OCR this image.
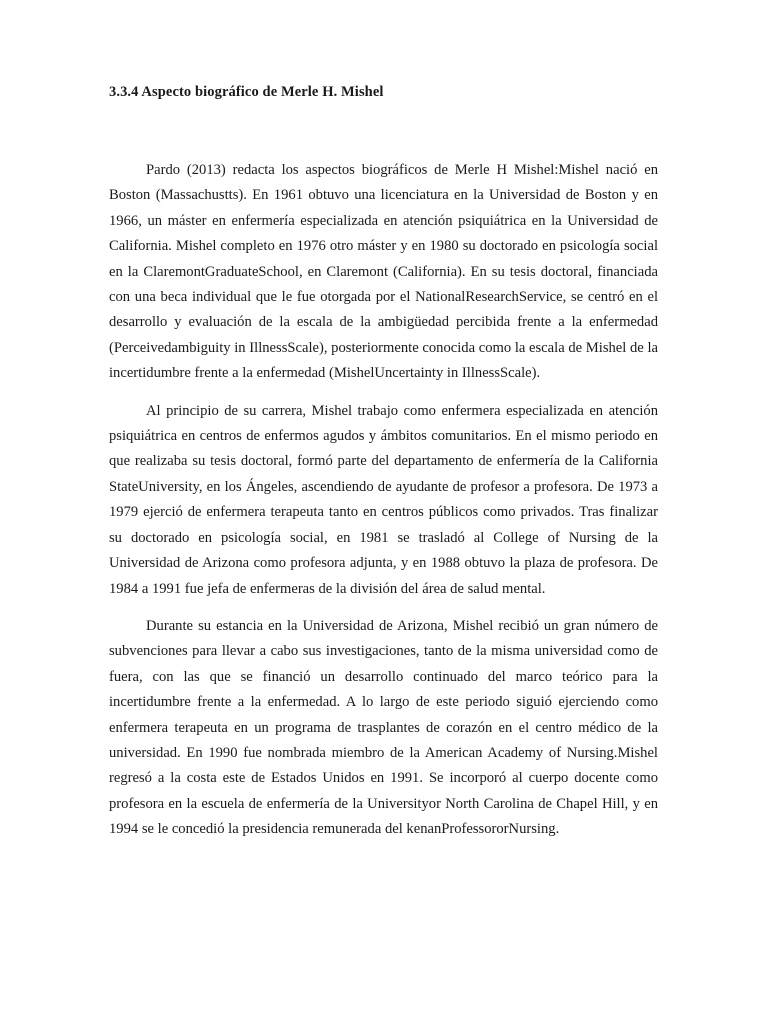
3.3.4 Aspecto biográfico de Merle H. Mishel

Pardo (2013) redacta los aspectos biográficos de Merle H Mishel:Mishel nació en Boston (Massachustts). En 1961 obtuvo una licenciatura en la Universidad de Boston y en 1966, un máster en enfermería especializada en atención psiquiátrica en la Universidad de California. Mishel completo en 1976 otro máster y en 1980 su doctorado en psicología social en la ClaremontGraduateSchool, en Claremont (California). En su tesis doctoral, financiada con una beca individual que le fue otorgada por el NationalResearchService, se centró en el desarrollo y evaluación de la escala de la ambigüedad percibida frente a la enfermedad (Perceivedambiguity in IllnessScale), posteriormente conocida como la escala de Mishel de la incertidumbre frente a la enfermedad (MishelUncertainty in IllnessScale).

Al principio de su carrera, Mishel trabajo como enfermera especializada en atención psiquiátrica en centros de enfermos agudos y ámbitos comunitarios. En el mismo periodo en que realizaba su tesis doctoral, formó parte del departamento de enfermería de la California StateUniversity, en los Ángeles, ascendiendo de ayudante de profesor a profesora. De 1973 a 1979 ejerció de enfermera terapeuta tanto en centros públicos como privados. Tras finalizar su doctorado en psicología social, en 1981 se trasladó al College of Nursing de la Universidad de Arizona como profesora adjunta, y en 1988 obtuvo la plaza de profesora. De 1984 a 1991 fue jefa de enfermeras de la división del área de salud mental.

Durante su estancia en la Universidad de Arizona, Mishel recibió un gran número de subvenciones para llevar a cabo sus investigaciones, tanto de la misma universidad como de fuera, con las que se financió un desarrollo continuado del marco teórico para la incertidumbre frente a la enfermedad. A lo largo de este periodo siguió ejerciendo como enfermera terapeuta en un programa de trasplantes de corazón en el centro médico de la universidad. En 1990 fue nombrada miembro de la American Academy of Nursing.Mishel regresó a la costa este de Estados Unidos en 1991. Se incorporó al cuerpo docente como profesora en la escuela de enfermería de la Universityor North Carolina de Chapel Hill, y en 1994 se le concedió la presidencia remunerada del kenanProfessororNursing.
